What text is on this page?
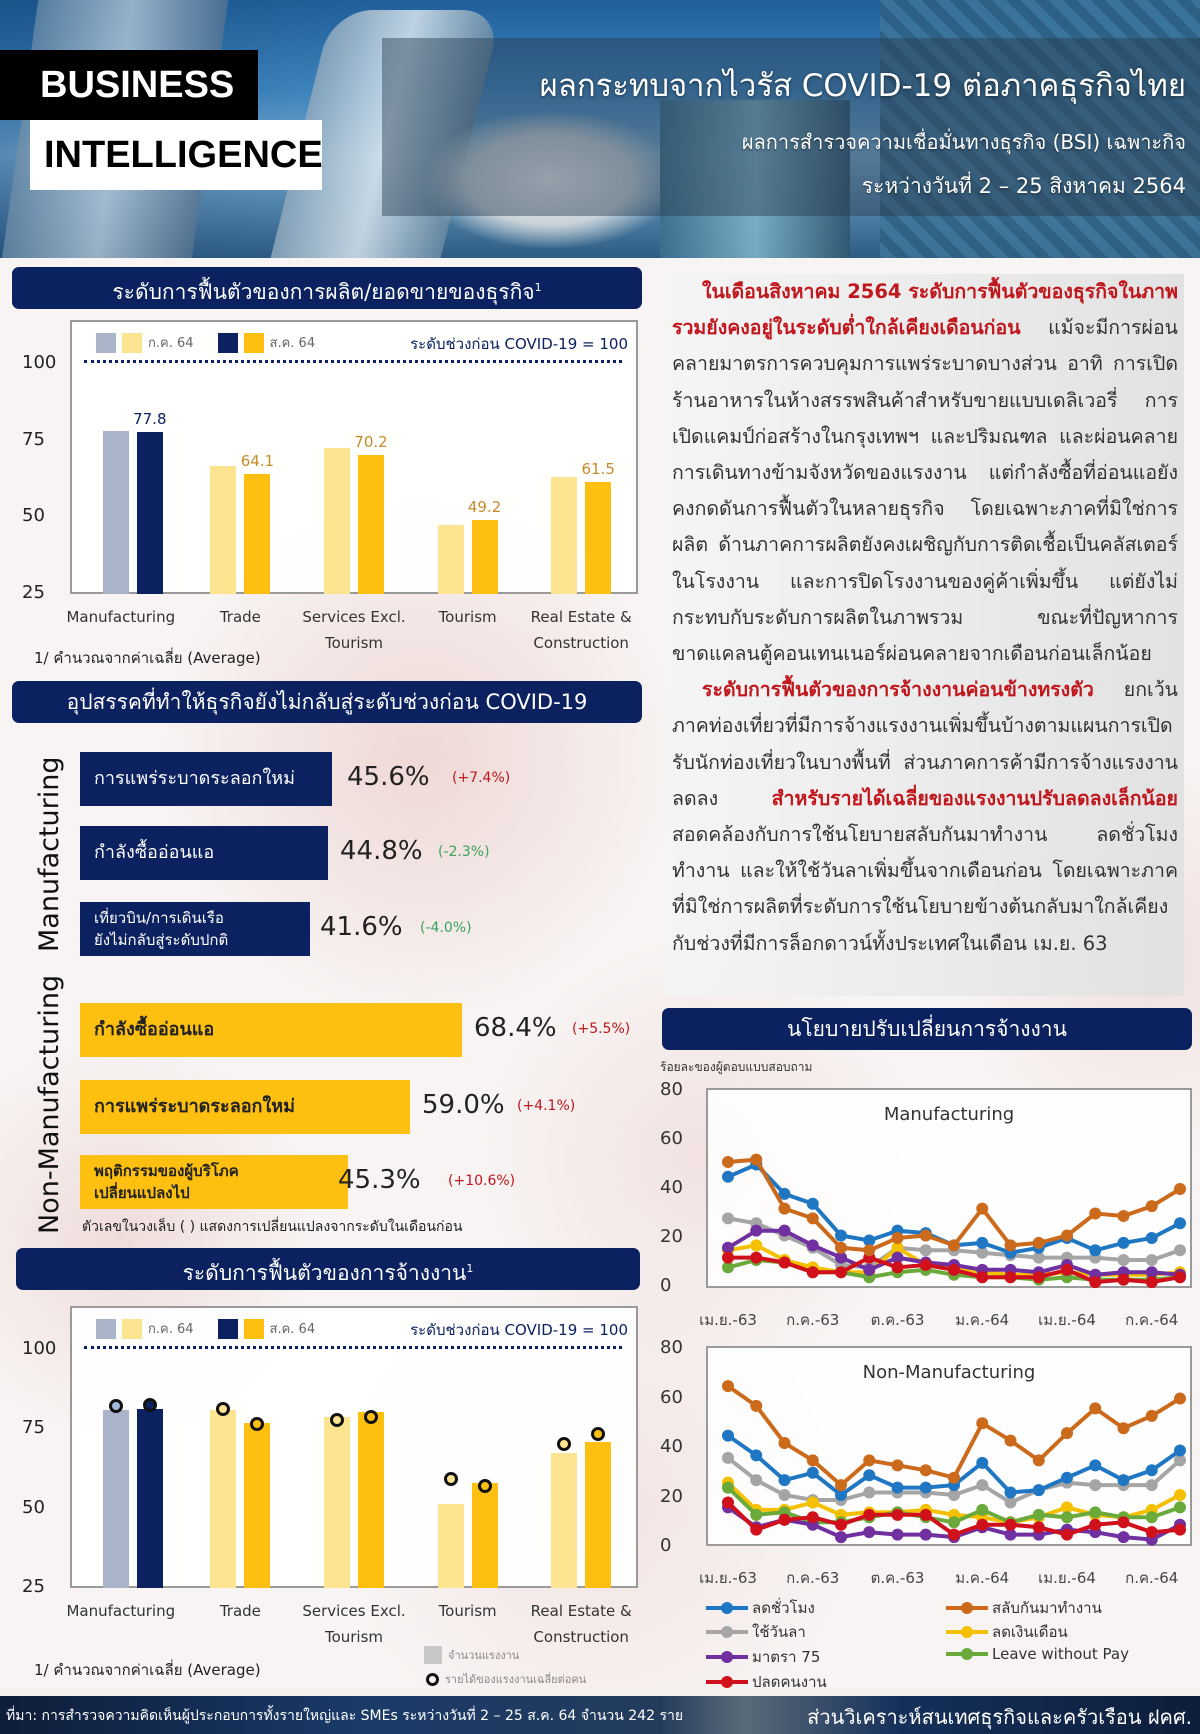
BUSINESS
INTELLIGENCE
ผลกระทบจากไวรัส COVID-19 ต่อภาคธุรกิจไทย
ผลการสำรวจความเชื่อมั่นทางธุรกิจ (BSI) เฉพาะกิจ
ระหว่างวันที่ 2 – 25 สิงหาคม 2564
ระดับการฟื้นตัวของการผลิต/ยอดขายของธุรกิจ$^1$
100
75
50
25
ก.ค. 64	ส.ค. 64	ระดับช่วงก่อน COVID-19 = 100
77.8
Manufacturing
64.1
Trade
70.2
Services Excl.
Tourism
49.2
Tourism
61.5
Real Estate &
Construction
1/ คำนวณจากค่าเฉลี่ย (Average)
อุปสรรคที่ทำให้ธุรกิจยังไม่กลับสู่ระดับช่วงก่อน COVID-19
Manufacturing
Non-Manufacturing
การแพร่ระบาดระลอกใหม่ 45.6% (+7.4%)
กำลังซื้ออ่อนแอ	44.8% (-2.3%)
เที่ยวบิน/การเดินเรือ
ยังไม่กลับสู่ระดับปกติ	41.6% (-4.0%)
กำลังซื้ออ่อนแอ	68.4% (+5.5%)
การแพร่ระบาดระลอกใหม่	59.0% (+4.1%)
พฤติกรรมของผู้บริโภค
เปลี่ยนแปลงไป	45.3% (+10.6%)
ตัวเลขในวงเล็บ ( ) แสดงการเปลี่ยนแปลงจากระดับในเดือนก่อน
ระดับการฟื้นตัวของการจ้างงาน$^1$
100
75
50
25
ก.ค. 64	ส.ค. 64	ระดับช่วงก่อน COVID-19 = 100
Manufacturing	Trade	Services Excl.
Tourism
Tourism	Real Estate &
Construction
1/ คำนวณจากค่าเฉลี่ย (Average)
จำนวนแรงงาน
รายได้ของแรงงานเฉลี่ยต่อคน

ในเดือนสิงหาคม 2564 ระดับการฟื้นตัวของธุรกิจในภาพรวมยังคงอยู่ในระดับต่ำใกล้เคียงเดือนก่อน แม้จะมีการผ่อนคลายมาตรการควบคุมการแพร่ระบาดบางส่วน อาทิ การเปิดร้านอาหารในห้างสรรพสินค้าสำหรับขายแบบเดลิเวอรี่ การเปิดแคมป์ก่อสร้างในกรุงเทพฯ และปริมณฑล และผ่อนคลายการเดินทางข้ามจังหวัดของแรงงาน แต่กำลังซื้อที่อ่อนแอยังคงกดดันการฟื้นตัวในหลายธุรกิจ โดยเฉพาะภาคที่มิใช่การผลิต ด้านภาคการผลิตยังคงเผชิญกับการติดเชื้อเป็นคลัสเตอร์ในโรงงาน และการปิดโรงงานของคู่ค้าเพิ่มขึ้น แต่ยังไม่กระทบกับระดับการผลิตในภาพรวม ขณะที่ปัญหาการขาดแคลนตู้คอนเทนเนอร์ผ่อนคลายจากเดือนก่อนเล็กน้อย

ระดับการฟื้นตัวของการจ้างงานค่อนข้างทรงตัว ยกเว้นภาคท่องเที่ยวที่มีการจ้างแรงงานเพิ่มขึ้นบ้างตามแผนการเปิดรับนักท่องเที่ยวในบางพื้นที่ ส่วนภาคการค้ามีการจ้างแรงงานลดลง สำหรับรายได้เฉลี่ยของแรงงานปรับลดลงเล็กน้อย สอดคล้องกับการใช้นโยบายสลับกันมาทำงาน ลดชั่วโมงทำงาน และให้ใช้วันลาเพิ่มขึ้นจากเดือนก่อน โดยเฉพาะภาคที่มิใช่การผลิตที่ระดับการใช้นโยบายข้างต้นกลับมาใกล้เคียงกับช่วงที่มีการล็อกดาวน์ทั้งประเทศในเดือน เม.ย. 63

นโยบายปรับเปลี่ยนการจ้างงาน
ร้อยละของผู้ตอบแบบสอบถาม
Manufacturing
80
60
40
20
0
เม.ย.-63	ก.ค.-63	ต.ค.-63	ม.ค.-64	เม.ย.-64	ก.ค.-64
Non-Manufacturing
80
60
40
20
0
เม.ย.-63	ก.ค.-63	ต.ค.-63	ม.ค.-64	เม.ย.-64	ก.ค.-64
ลดชั่วโมง	สลับกันมาทำงาน
ใช้วันลา	ลดเงินเดือน
มาตรา 75	Leave without Pay
ปลดคนงาน
ที่มา: การสำรวจความคิดเห็นผู้ประกอบการทั้งรายใหญ่และ SMEs ระหว่างวันที่ 2 – 25 ส.ค. 64 จำนวน 242 ราย	ส่วนวิเคราะห์สนเทศธุรกิจและครัวเรือน ฝคศ.
